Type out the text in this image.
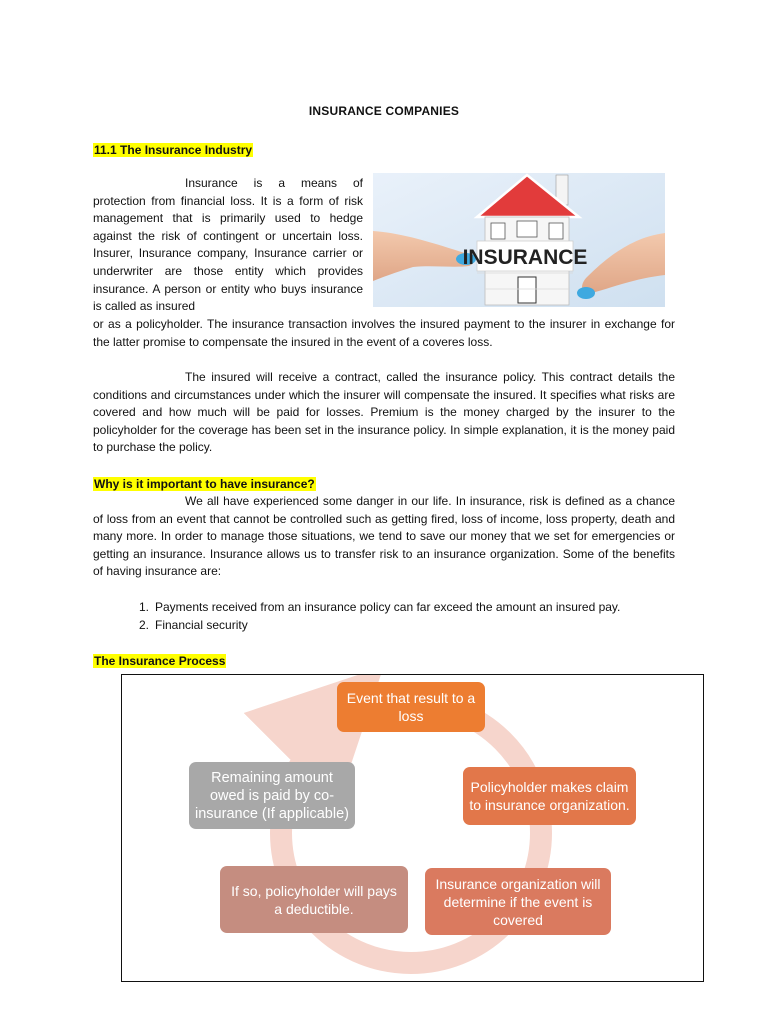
INSURANCE COMPANIES
11.1 The Insurance Industry

Insurance is a means of protection from financial loss. It is a form of risk management that is primarily used to hedge against the risk of contingent or uncertain loss. Insurer, Insurance company, Insurance carrier or underwriter are those entity which provides insurance. A person or entity who buys insurance is called as insured

INSURANCE

or as a policyholder. The insurance transaction involves the insured payment to the insurer in exchange for the latter promise to compensate the insured in the event of a coveres loss.

The insured will receive a contract, called the insurance policy. This contract details the conditions and circumstances under which the insurer will compensate the insured. It specifies what risks are covered and how much will be paid for losses. Premium is the money charged by the insurer to the policyholder for the coverage has been set in the insurance policy. In simple explanation, it is the money paid to purchase the policy.

Why is it important to have insurance?

We all have experienced some danger in our life. In insurance, risk is defined as a chance of loss from an event that cannot be controlled such as getting fired, loss of income, loss property, death and many more. In order to manage those situations, we tend to save our money that we set for emergencies or getting an insurance. Insurance allows us to transfer risk to an insurance organization. Some of the benefits of having insurance are:

1. Payments received from an insurance policy can far exceed the amount an insured pay.
2. Financial security
The Insurance Process
Event that result to a loss
Policyholder makes claim to insurance organization.
Insurance organization will determine if the event is covered
If so, policyholder will pays a deductible.
Remaining amount owed is paid by co-insurance (If applicable)
